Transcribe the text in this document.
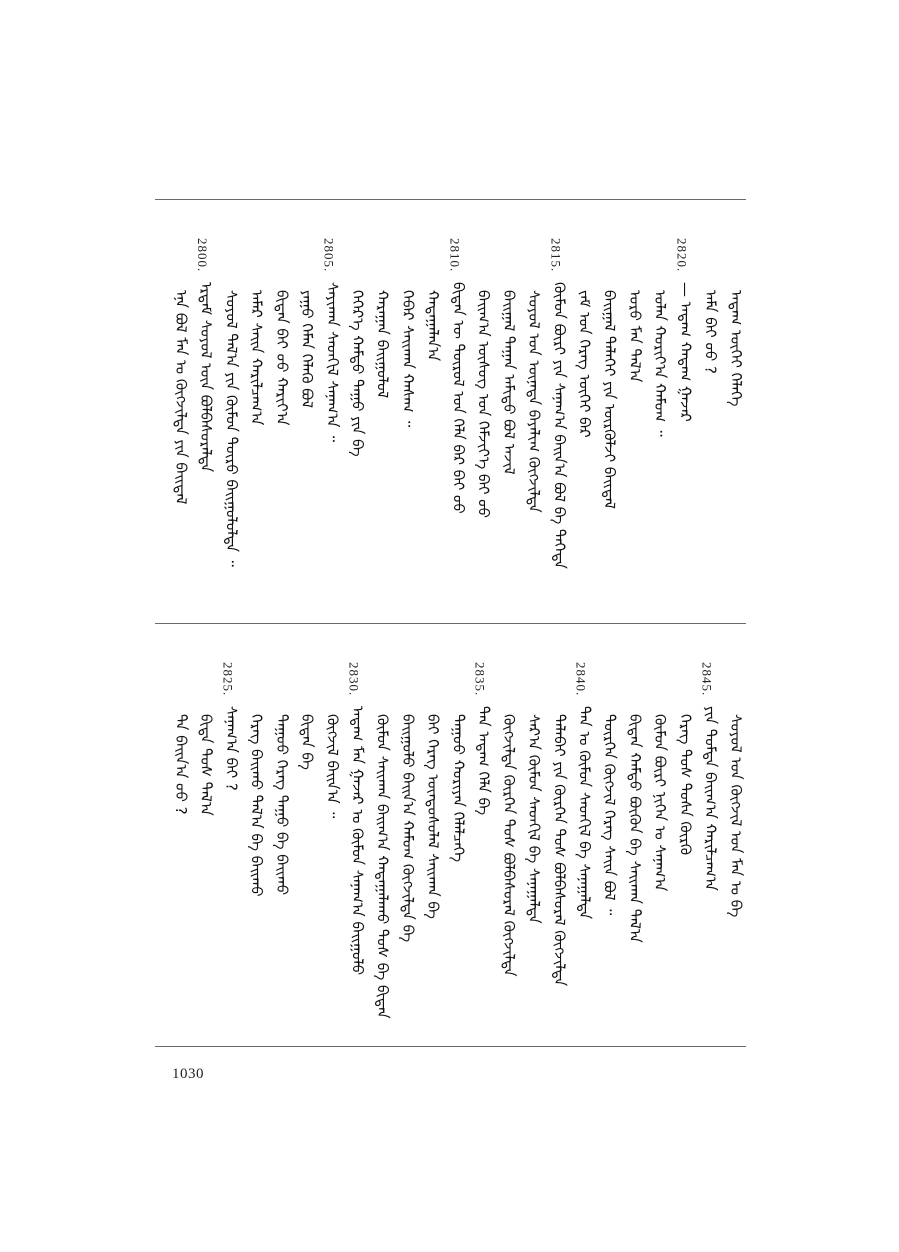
ᠠᠳᠠᠭ ᠦᠭᠡᠢ ᠬᠡᠯᠡᠭᠡ
ᠠᠮᠠ ᠪᠠᠢ ᠤᠤ ?
2820.
— ᠠᠳᠠᠭ ᠬᠠᠳᠠᠭ ᠭᠠᠵᠠᠷ
ᠣᠯᠠᠨ ᠬᠤᠷᠢᠶ᠎ᠠ ᠬᠠᠮᠤᠭ ᠃
ᠣᠷᠤ ᠮᠠᠨ ᠲᠠᠯ᠎ᠠ
ᠪᠠᠢᠭᠠᠯ ᠳᠡᠯᠡᠬᠡᠢ ᠶᠢᠨ ᠦᠷᠭᠦᠯᠵᠢ ᠪᠠᠢᠳᠠᠯ
ᠵᠠᠮ ᠤᠨ ᠬᠡᠷᠡᠭ ᠦᠭᠡᠢ ᠪᠡᠷ
2815.
ᠬᠦᠮᠦᠨ ᠪᠦᠷᠢ ᠶᠢᠨ ᠰᠠᠨᠠᠭ᠎ᠠ ᠪᠠᠢᠨ᠎ᠠ ᠪᠣᠯ ᠪᠠ ᠲᠡᠭᠡᠳᠡ
ᠰᠣᠶᠣᠯ ᠤᠨ ᠦᠨᠡᠲᠡ ᠪᠠᠶᠠᠯᠢᠭ ᠬᠥᠭᠵᠢᠯᠲᠡ
ᠪᠠᠢᠭᠠᠯ ᠳᠠᠭᠠᠨ ᠠᠮᠢᠳᠤ ᠪᠣᠯ ᠠᠵᠢᠯ
ᠪᠠᠢᠭ᠎ᠠ ᠦᠰᠦᠭ ᠤᠨ ᠬᠡᠮᠵᠢᠶ᠎ᠡ ᠪᠠᠢ ᠤᠤ
2810.
ᠪᠢᠳᠡᠨ ᠦ ᠲᠥᠷᠥᠯ ᠤᠨ ᠬᠡᠯᠡ ᠪᠡᠷ ᠪᠠᠢ ᠤᠤ
ᠬᠠᠳᠠᠭᠠᠯᠠᠨ᠎ᠠ
ᠬᠡᠪᠡᠷ ᠰᠠᠢᠬᠠᠨ ᠬᠠᠰᠠᠭ ᠃
ᠬᠠᠷᠠᠭᠠᠨ ᠪᠠᠢᠭᠤᠯᠤᠯ
ᠬᠡᠭᠡᠷ᠎ᠡ ᠬᠠᠮᠲᠤ ᠳᠠᠭᠤ ᠶᠢᠨ ᠪᠠ
2805.
ᠰᠠᠶᠢᠬᠠᠨ ᠰᠡᠳᠬᠢᠯ ᠰᠠᠨᠠᠭ᠎ᠠ ᠃
ᠶᠠᠭᠤ ᠬᠡᠮᠡᠨ ᠬᠡᠯᠡᠬᠦ ᠪᠣᠯ
ᠪᠢᠳᠡᠨ ᠪᠠᠢ ᠤᠤ ᠬᠠᠷᠢᠶ᠎ᠠ
ᠠᠮᠠᠷ ᠰᠠᠢᠨ ᠬᠠᠷᠢᠯᠴᠠᠭ᠎ᠠ
ᠰᠣᠶᠣᠯ ᠲᠠᠯ᠎ᠠ ᠶᠢᠨ ᠬᠦᠮᠦᠨ ᠲᠥᠷᠥ ᠪᠠᠢᠭᠤᠯᠤᠯᠲᠠ ᠃
2800.
ᠡᠷᠳᠡᠮ ᠰᠣᠶᠣᠯ ᠦᠨ ᠪᠣᠯᠪᠠᠰᠤᠷᠠᠯᠲᠠ
ᠡᠨᠡ ᠪᠣᠯ ᠮᠠᠨ ᠤ ᠬᠥᠭᠵᠢᠯᠲᠡ ᠶᠢᠨ ᠪᠠᠢᠳᠠᠯ
ᠰᠣᠶᠣᠯ ᠤᠨ ᠬᠥᠭᠵᠢᠯ ᠤᠨ ᠮᠠᠨ ᠤ ᠪᠠ
2845.
ᠶᠢᠨ ᠳᠤᠮᠳᠠ ᠪᠠᠢᠭ᠎ᠠ ᠬᠠᠷᠢᠯᠴᠠᠭ᠎ᠠ
ᠬᠡᠷᠡᠭ ᠲᠤᠰ ᠲᠤᠰᠠ ᠬᠦᠷᠬᠦ
ᠬᠦᠮᠦᠨ ᠪᠦᠷᠢ ᠨᠢᠭᠡᠨ ᠤ ᠰᠠᠨᠠᠭ᠎ᠠ
ᠪᠢᠳᠡᠨ ᠬᠠᠮᠲᠤ ᠪᠦᠬᠦᠨ ᠪᠠ ᠰᠠᠢᠬᠠᠨ ᠲᠠᠯ᠎ᠠ
ᠲᠦᠷᠭᠡᠨ ᠬᠥᠭᠵᠢᠯ ᠬᠡᠷᠡᠭ ᠰᠠᠢᠨ ᠪᠣᠯ ᠃
2840.
ᠲᠠᠨ ᠤ ᠬᠦᠮᠦᠨ ᠰᠡᠳᠬᠢᠯ ᠪᠠ ᠰᠠᠨᠠᠭᠠᠯᠲᠠ
ᠲᠠᠯᠠᠪᠠᠢ ᠶᠢᠨ ᠬᠦᠷᠭᠡᠨ ᠲᠤᠰ ᠪᠣᠯᠪᠠᠰᠤᠷᠠᠯ ᠬᠥᠭᠵᠢᠯᠲᠡ
ᠰᠠᠷ᠎ᠠ ᠬᠦᠮᠦᠨ ᠰᠡᠳᠬᠢᠯ ᠪᠠ ᠰᠠᠨᠠᠭᠠᠯᠲᠠ
ᠬᠥᠭᠵᠢᠯᠲᠡ ᠬᠦᠷᠭᠡᠨ ᠲᠤᠰ ᠪᠣᠯᠪᠠᠰᠤᠷᠠᠯ ᠬᠥᠭᠵᠢᠯᠲᠡ
2835.
ᠲᠠᠨ ᠠᠳᠠᠭ ᠬᠡᠯᠡ ᠪᠠ
ᠲᠠᠭᠤᠤ ᠬᠤᠷᠢᠶᠠᠨ ᠬᠡᠯᠡᠯᠴᠡᠭᠡ
ᠪᠠᠢ ᠬᠡᠷᠡᠭ ᠦᠨᠳᠦᠰᠦᠯᠡᠯ ᠰᠠᠢᠬᠠᠨ ᠪᠠ
ᠪᠠᠢᠭᠤᠯᠤ ᠪᠠᠢᠨ᠎ᠠ ᠬᠠᠮᠤᠭ ᠬᠥᠭᠵᠢᠯᠲᠡ ᠪᠠ
ᠬᠦᠮᠦᠨ ᠰᠠᠢᠬᠠᠨ ᠪᠠᠢᠭ᠎ᠠ ᠬᠠᠳᠠᠭᠠᠯᠠᠬᠤ ᠲᠤᠰ ᠪᠠ ᠪᠢᠳᠡᠨ
2830.
ᠠᠳᠠᠭ ᠮᠠᠨ ᠭᠠᠵᠠᠷ ᠤ ᠬᠦᠮᠦᠨ ᠰᠠᠨᠠᠭ᠎ᠠ ᠪᠠᠢᠭᠤᠯᠤ
ᠬᠥᠭᠵᠢᠯ ᠪᠠᠢᠨ᠎ᠠ ᠃
ᠪᠢᠳᠡᠨ ᠪᠠ
ᠲᠠᠭᠤᠤ ᠬᠡᠷᠡᠭ ᠳᠠᠭᠤ ᠪᠠ ᠪᠠᠢᠬᠤ
ᠬᠡᠷᠡᠭ ᠪᠠᠢᠬᠤ ᠲᠠᠯ᠎ᠠ ᠪᠠ ᠪᠠᠢᠬᠤ
2825.
ᠰᠠᠨᠠᠭ᠎ᠠ ᠪᠠᠢ ?
ᠪᠢᠳᠡ ᠲᠤᠰ ᠲᠠᠯ᠎ᠠ
ᠲᠠ ᠪᠠᠢᠨ᠎ᠠ ᠤᠤ ?
1030
